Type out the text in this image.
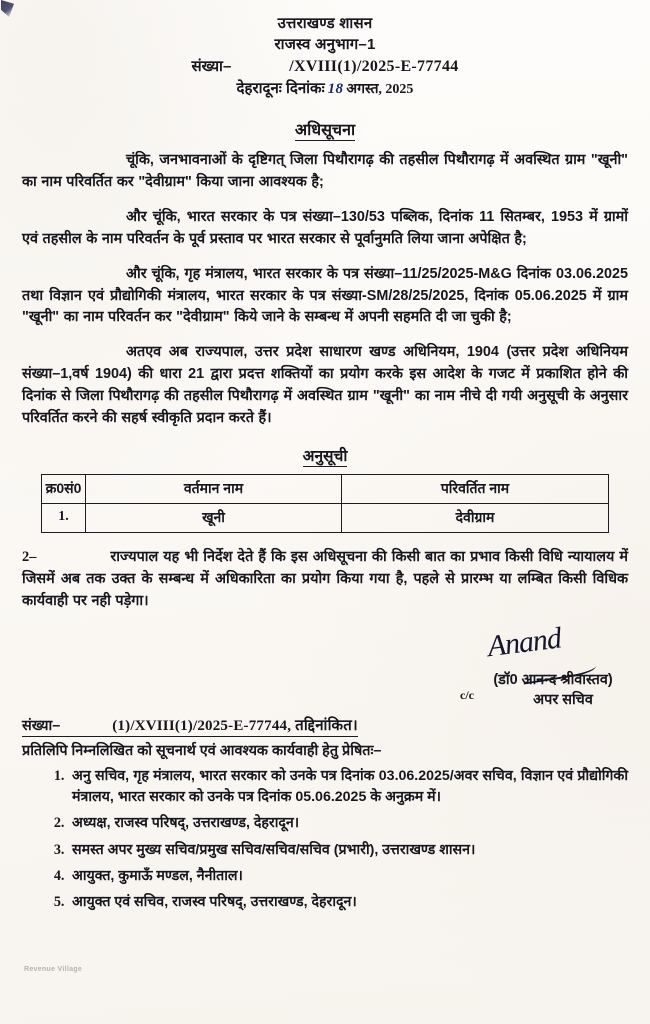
उत्तराखण्ड शासन
राजस्व अनुभाग–1
संख्या–	/XVIII(1)/2025-E-77744
देहरादूनः दिनांकः 18 अगस्त, 2025
अधिसूचना

चूंकि, जनभावनाओं के दृष्टिगत् जिला पिथौरागढ़ की तहसील पिथौरागढ़ में अवस्थित ग्राम "खूनी" का नाम परिवर्तित कर "देवीग्राम" किया जाना आवश्यक है;

और चूंकि, भारत सरकार के पत्र संख्या–130/53 पब्लिक, दिनांक 11 सितम्बर, 1953 में ग्रामों एवं तहसील के नाम परिवर्तन के पूर्व प्रस्ताव पर भारत सरकार से पूर्वानुमति लिया जाना अपेक्षित है;

और चूंकि, गृह मंत्रालय, भारत सरकार के पत्र संख्या–11/25/2025-M&G दिनांक 03.06.2025 तथा विज्ञान एवं प्रौद्योगिकी मंत्रालय, भारत सरकार के पत्र संख्या-SM/28/25/2025, दिनांक 05.06.2025 में ग्राम "खूनी" का नाम परिवर्तन कर "देवीग्राम" किये जाने के सम्बन्ध में अपनी सहमति दी जा चुकी है;

अतएव अब राज्यपाल, उत्तर प्रदेश साधारण खण्ड अधिनियम, 1904 (उत्तर प्रदेश अधिनियम संख्या–1,वर्ष 1904) की धारा 21 द्वारा प्रदत्त शक्तियों का प्रयोग करके इस आदेश के गजट में प्रकाशित होने की दिनांक से जिला पिथौरागढ़ की तहसील पिथौरागढ़ में अवस्थित ग्राम "खूनी" का नाम नीचे दी गयी अनुसूची के अनुसार परिवर्तित करने की सहर्ष स्वीकृति प्रदान करते हैं।

अनुसूची
क्र0सं0	वर्तमान नाम	परिवर्तित नाम
1.	खूनी	देवीग्राम

2–	राज्यपाल यह भी निर्देश देते हैं कि इस अधिसूचना की किसी बात का प्रभाव किसी विधि न्यायालय में जिसमें अब तक उक्त के सम्बन्ध में अधिकारिता का प्रयोग किया गया है, पहले से प्रारम्भ या लम्बित किसी विधिक कार्यवाही पर नही पड़ेगा।

Anand
c/c
(डॉ0 आनन्द श्रीवास्तव)
अपर सचिव
संख्या–	(1)/XVIII(1)/2025-E-77744, तद्दिनांकित।
प्रतिलिपि निम्नलिखित को सूचनार्थ एवं आवश्यक कार्यवाही हेतु प्रेषितः–
1. अनु सचिव, गृह मंत्रालय, भारत सरकार को उनके पत्र दिनांक 03.06.2025/अवर सचिव, विज्ञान एवं प्रौद्योगिकी मंत्रालय, भारत सरकार को उनके पत्र दिनांक 05.06.2025 के अनुक्रम में।
2. अध्यक्ष, राजस्व परिषद्, उत्तराखण्ड, देहरादून।
3. समस्त अपर मुख्य सचिव/प्रमुख सचिव/सचिव/सचिव (प्रभारी), उत्तराखण्ड शासन।
4. आयुक्त, कुमाऊँ मण्डल, नैनीताल।
5. आयुक्त एवं सचिव, राजस्व परिषद्, उत्तराखण्ड, देहरादून।
Revenue Village
